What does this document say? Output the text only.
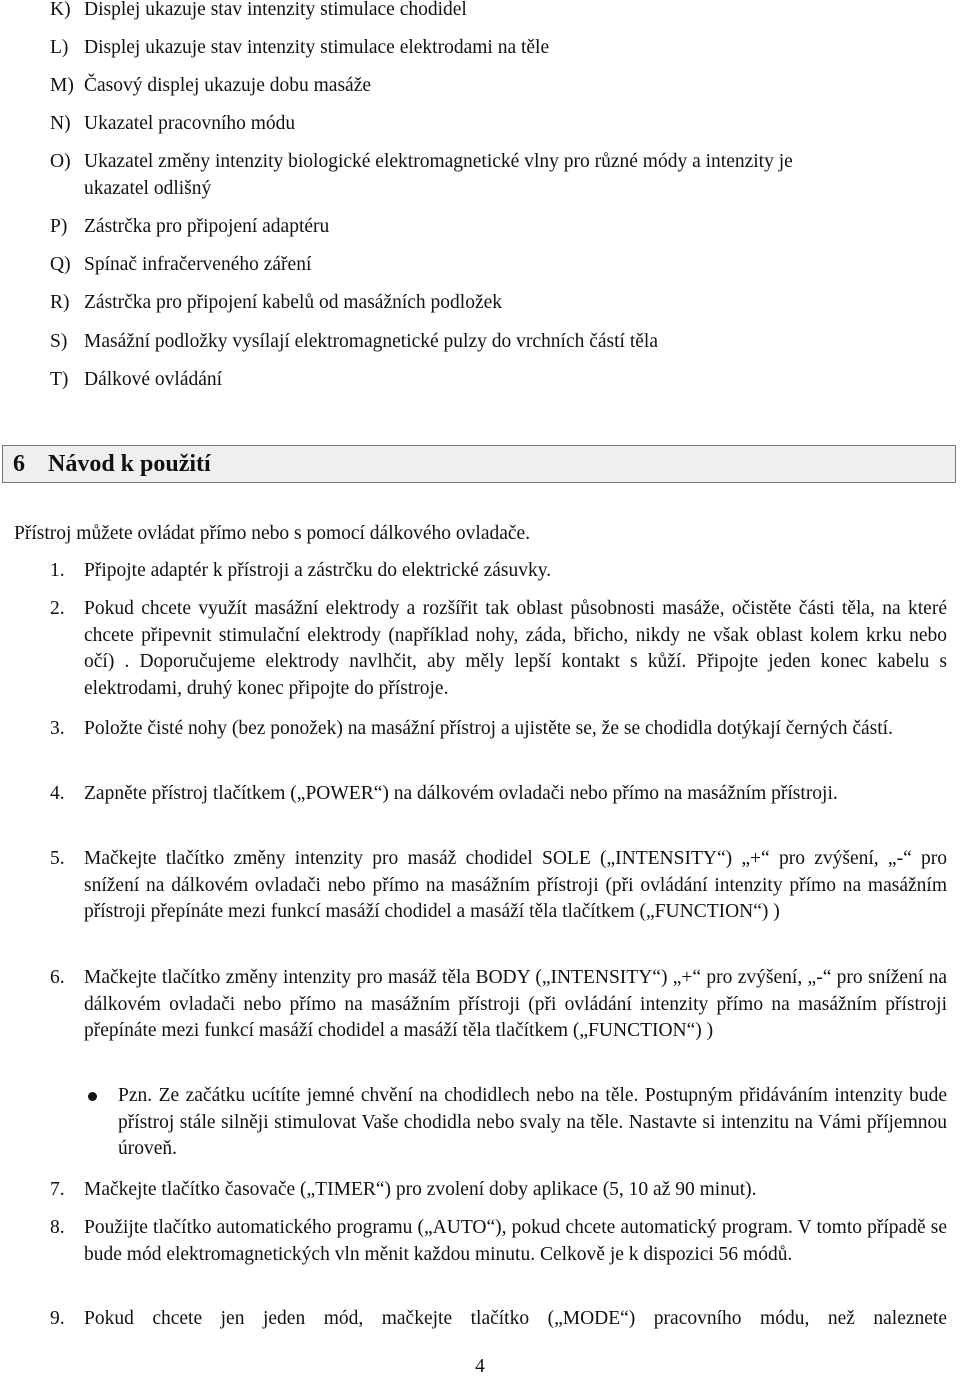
K) Displej ukazuje stav intenzity stimulace chodidel
L) Displej ukazuje stav intenzity stimulace elektrodami na těle
M) Časový displej ukazuje dobu masáže
N) Ukazatel pracovního módu
O) Ukazatel změny intenzity biologické elektromagnetické vlny pro různé módy a intenzity je
ukazatel odlišný
P) Zástrčka pro připojení adaptéru
Q) Spínač infračerveného záření
R) Zástrčka pro připojení kabelů od masážních podložek
S) Masážní podložky vysílají elektromagnetické pulzy do vrchních částí těla
T) Dálkové ovládání
6 Návod k použití
Přístroj můžete ovládat přímo nebo s pomocí dálkového ovladače.
1. Připojte adaptér k přístroji a zástrčku do elektrické zásuvky.
2. Pokud chcete využít masážní elektrody a rozšířit tak oblast působnosti masáže, očistěte části těla, na které chcete připevnit stimulační elektrody (například nohy, záda, břicho, nikdy ne však oblast kolem krku nebo očí) . Doporučujeme elektrody navlhčit, aby měly lepší kontakt s kůží. Připojte jeden konec kabelu s elektrodami, druhý konec připojte do přístroje.
3. Položte čisté nohy (bez ponožek) na masážní přístroj a ujistěte se, že se chodidla dotýkají černých částí.
4. Zapněte přístroj tlačítkem („POWER“) na dálkovém ovladači nebo přímo na masážním přístroji.
5. Mačkejte tlačítko změny intenzity pro masáž chodidel SOLE („INTENSITY“) „+“ pro zvýšení, „-“ pro snížení na dálkovém ovladači nebo přímo na masážním přístroji (při ovládání intenzity přímo na masážním přístroji přepínáte mezi funkcí masáží chodidel a masáží těla tlačítkem („FUNCTION“) )
6. Mačkejte tlačítko změny intenzity pro masáž těla BODY („INTENSITY“) „+“ pro zvýšení, „-“ pro snížení na dálkovém ovladači nebo přímo na masážním přístroji (při ovládání intenzity přímo na masážním přístroji přepínáte mezi funkcí masáží chodidel a masáží těla tlačítkem („FUNCTION“) )
Pzn. Ze začátku ucítíte jemné chvění na chodidlech nebo na těle. Postupným přidáváním intenzity bude přístroj stále silněji stimulovat Vaše chodidla nebo svaly na těle. Nastavte si intenzitu na Vámi příjemnou úroveň.
7. Mačkejte tlačítko časovače („TIMER“) pro zvolení doby aplikace (5, 10 až 90 minut).
8. Použijte tlačítko automatického programu („AUTO“), pokud chcete automatický program. V tomto případě se bude mód elektromagnetických vln měnit každou minutu. Celkově je k dispozici 56 módů.
9. Pokud chcete jen jeden mód, mačkejte tlačítko („MODE“) pracovního módu, než naleznete
4
